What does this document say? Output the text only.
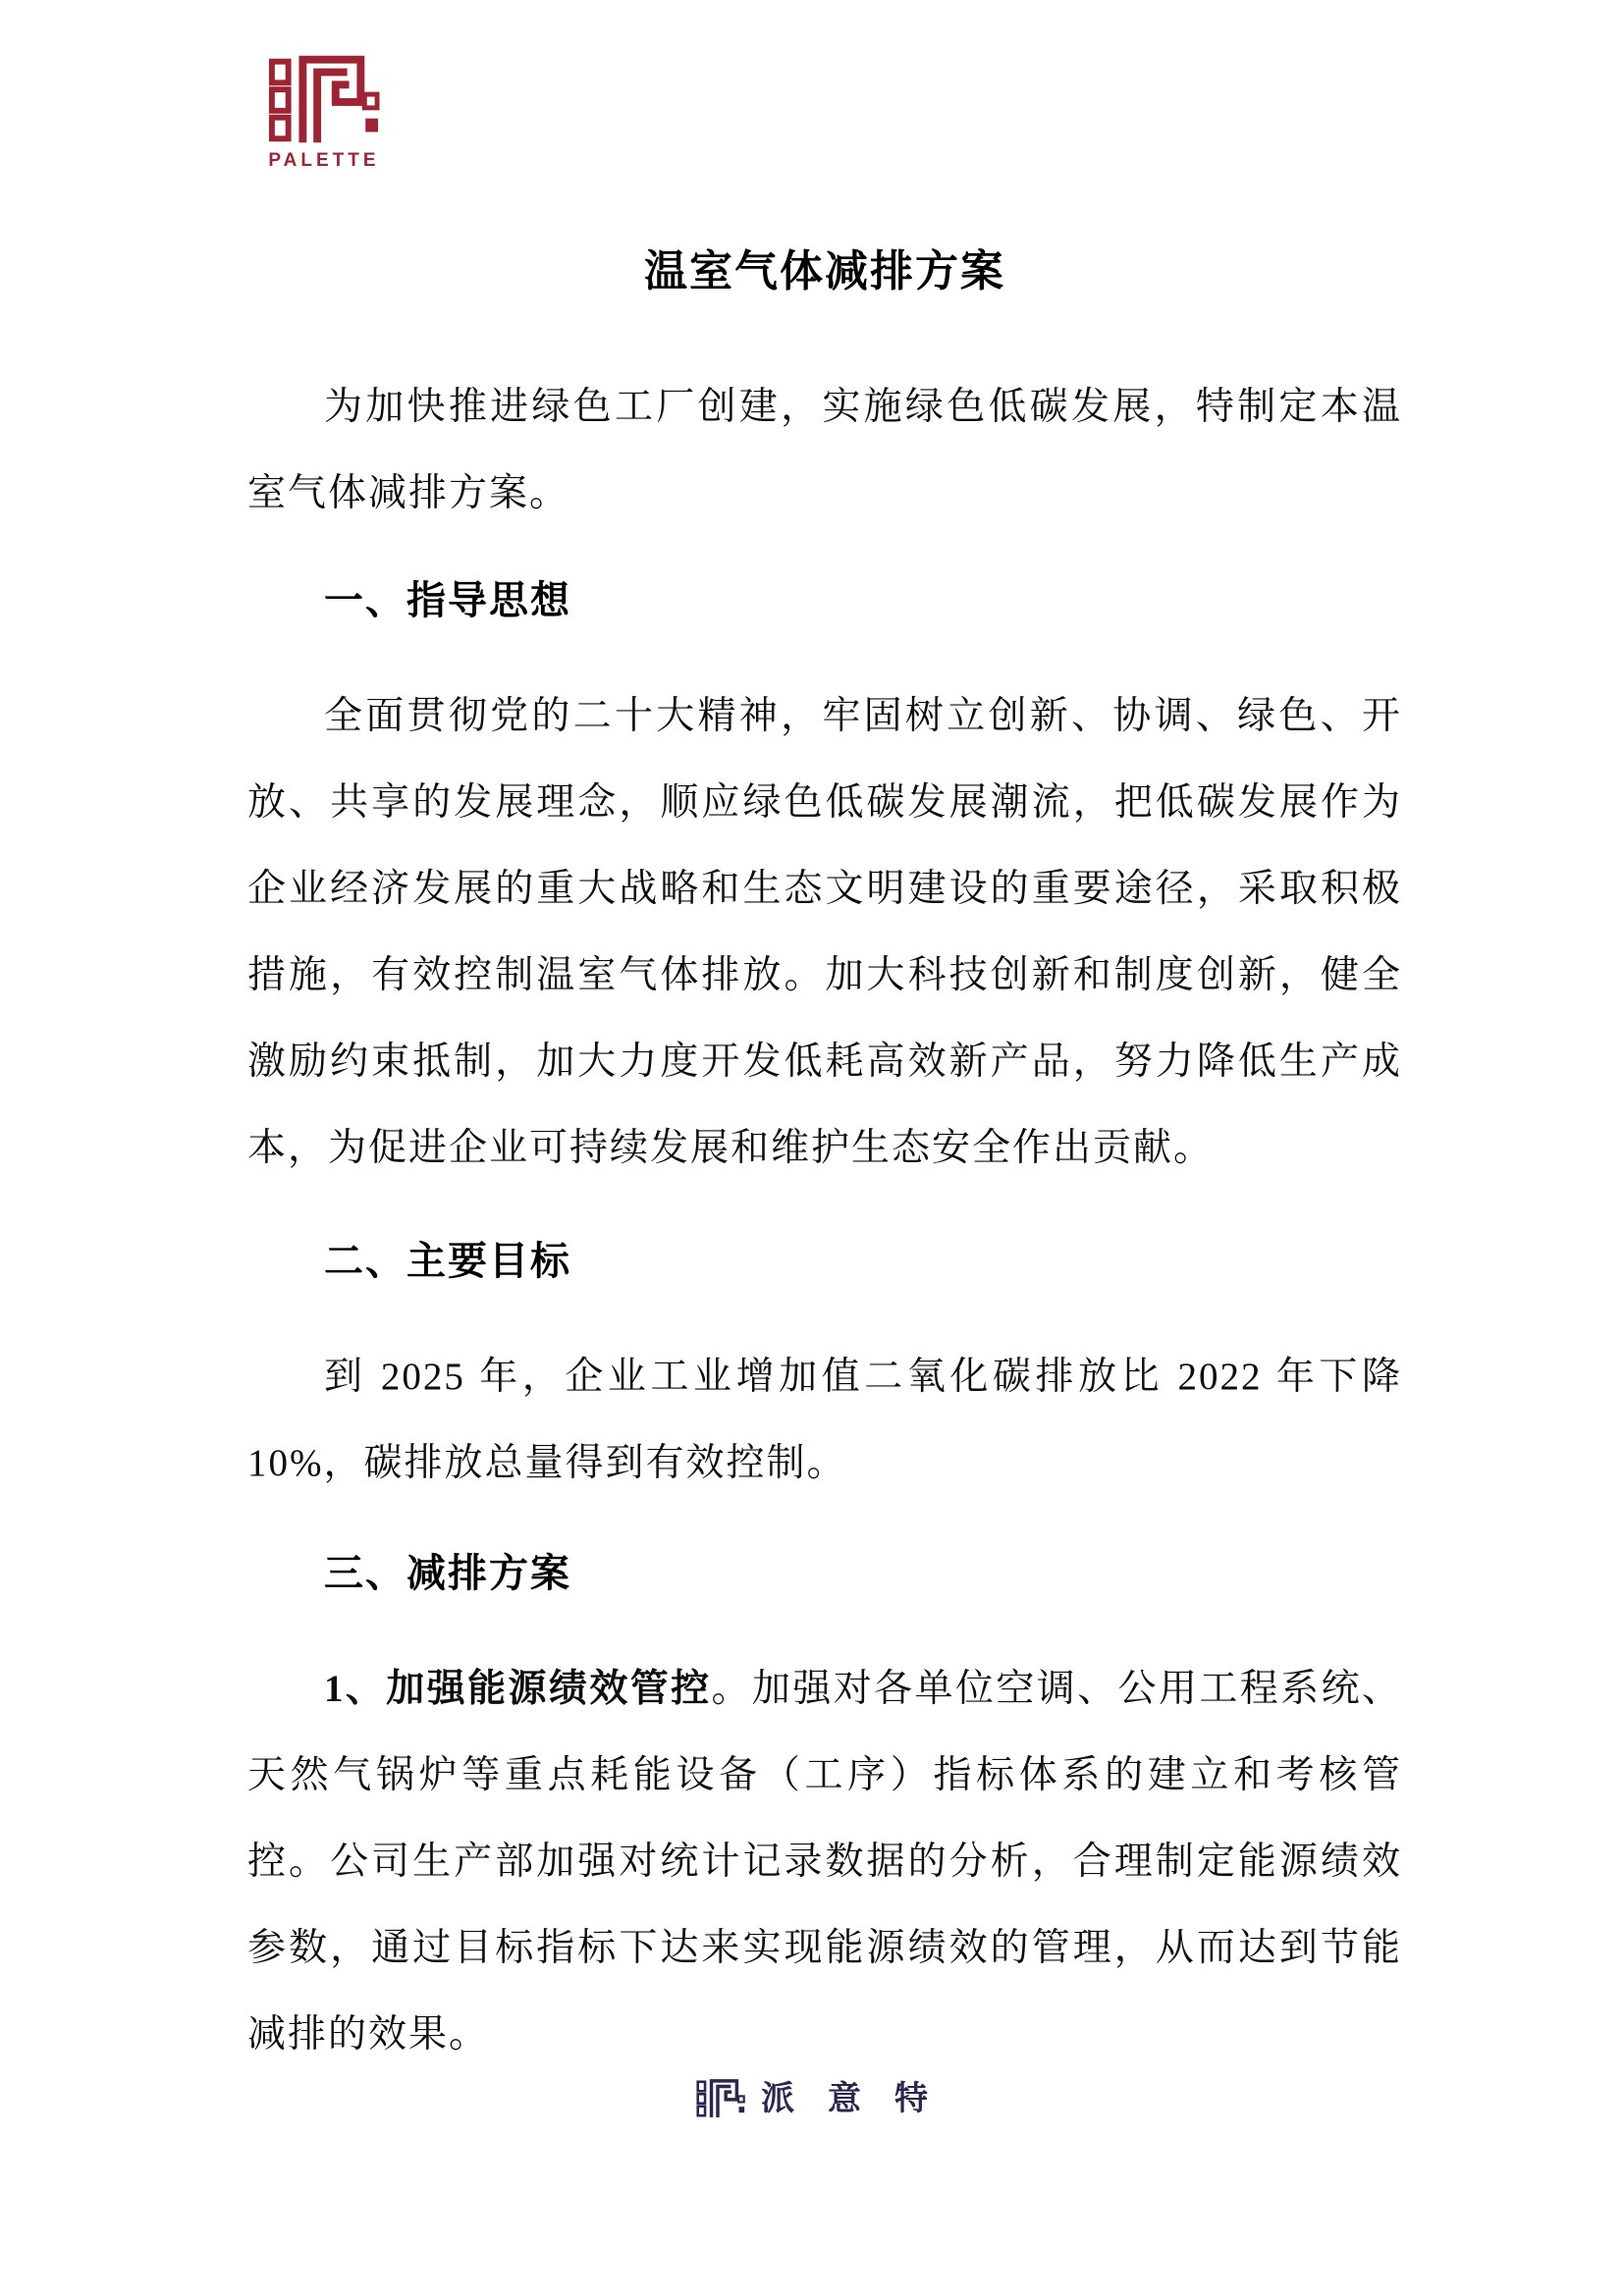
PALETTE
温室气体减排方案

为加快推进绿色工厂创建，实施绿色低碳发展，特制定本温室气体减排方案。

一、指导思想

全面贯彻党的二十大精神，牢固树立创新、协调、绿色、开放、共享的发展理念，顺应绿色低碳发展潮流，把低碳发展作为企业经济发展的重大战略和生态文明建设的重要途径，采取积极措施，有效控制温室气体排放。加大科技创新和制度创新，健全激励约束抵制，加大力度开发低耗高效新产品，努力降低生产成本，为促进企业可持续发展和维护生态安全作出贡献。

二、主要目标

到 2025 年，企业工业增加值二氧化碳排放比 2022 年下降 10%，碳排放总量得到有效控制。

三、减排方案

1、加强能源绩效管控。加强对各单位空调、公用工程系统、天然气锅炉等重点耗能设备（工序）指标体系的建立和考核管控。公司生产部加强对统计记录数据的分析，合理制定能源绩效参数，通过目标指标下达来实现能源绩效的管理，从而达到节能减排的效果。

派 意 特
